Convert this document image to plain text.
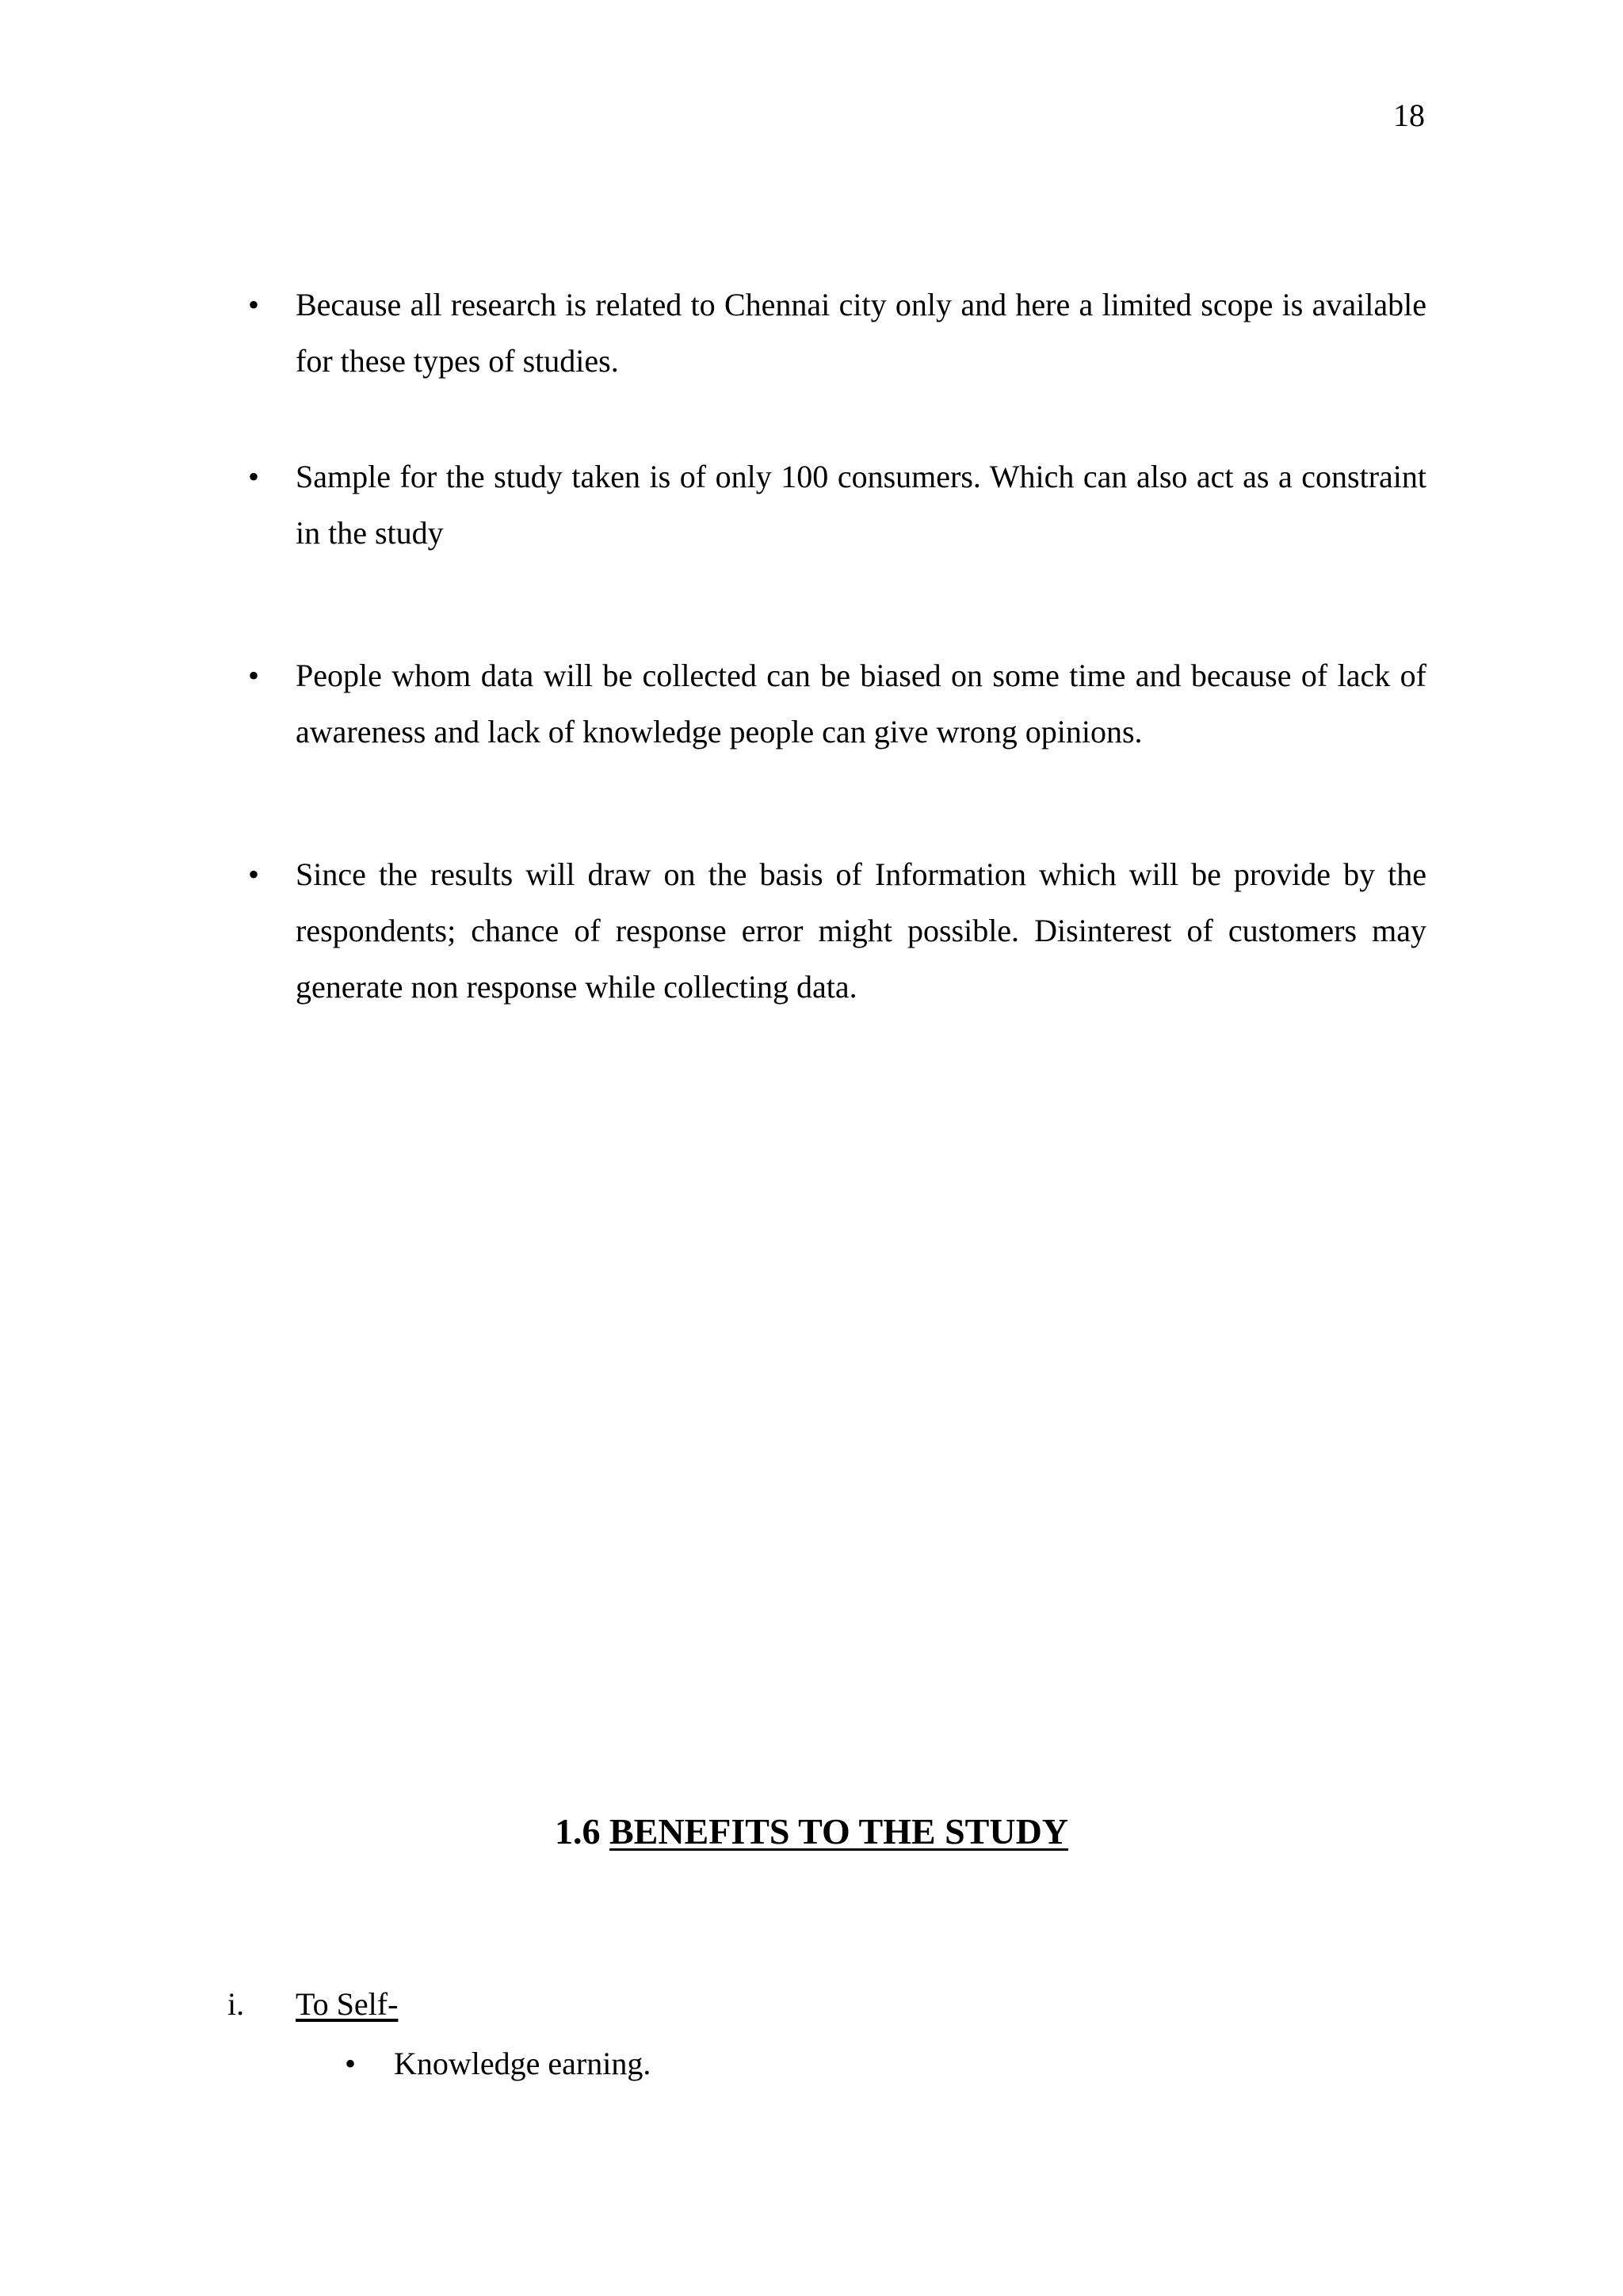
18
• Because all research is related to Chennai city only and here a limited scope is available for these types of studies.
• Sample for the study taken is of only 100 consumers. Which can also act as a constraint in the study
• People whom data will be collected can be biased on some time and because of lack of awareness and lack of knowledge people can give wrong opinions.
• Since the results will draw on the basis of Information which will be provide by the respondents; chance of response error might possible. Disinterest of customers may generate non response while collecting data.
1.6 BENEFITS TO THE STUDY
i. To Self-
• Knowledge earning.
